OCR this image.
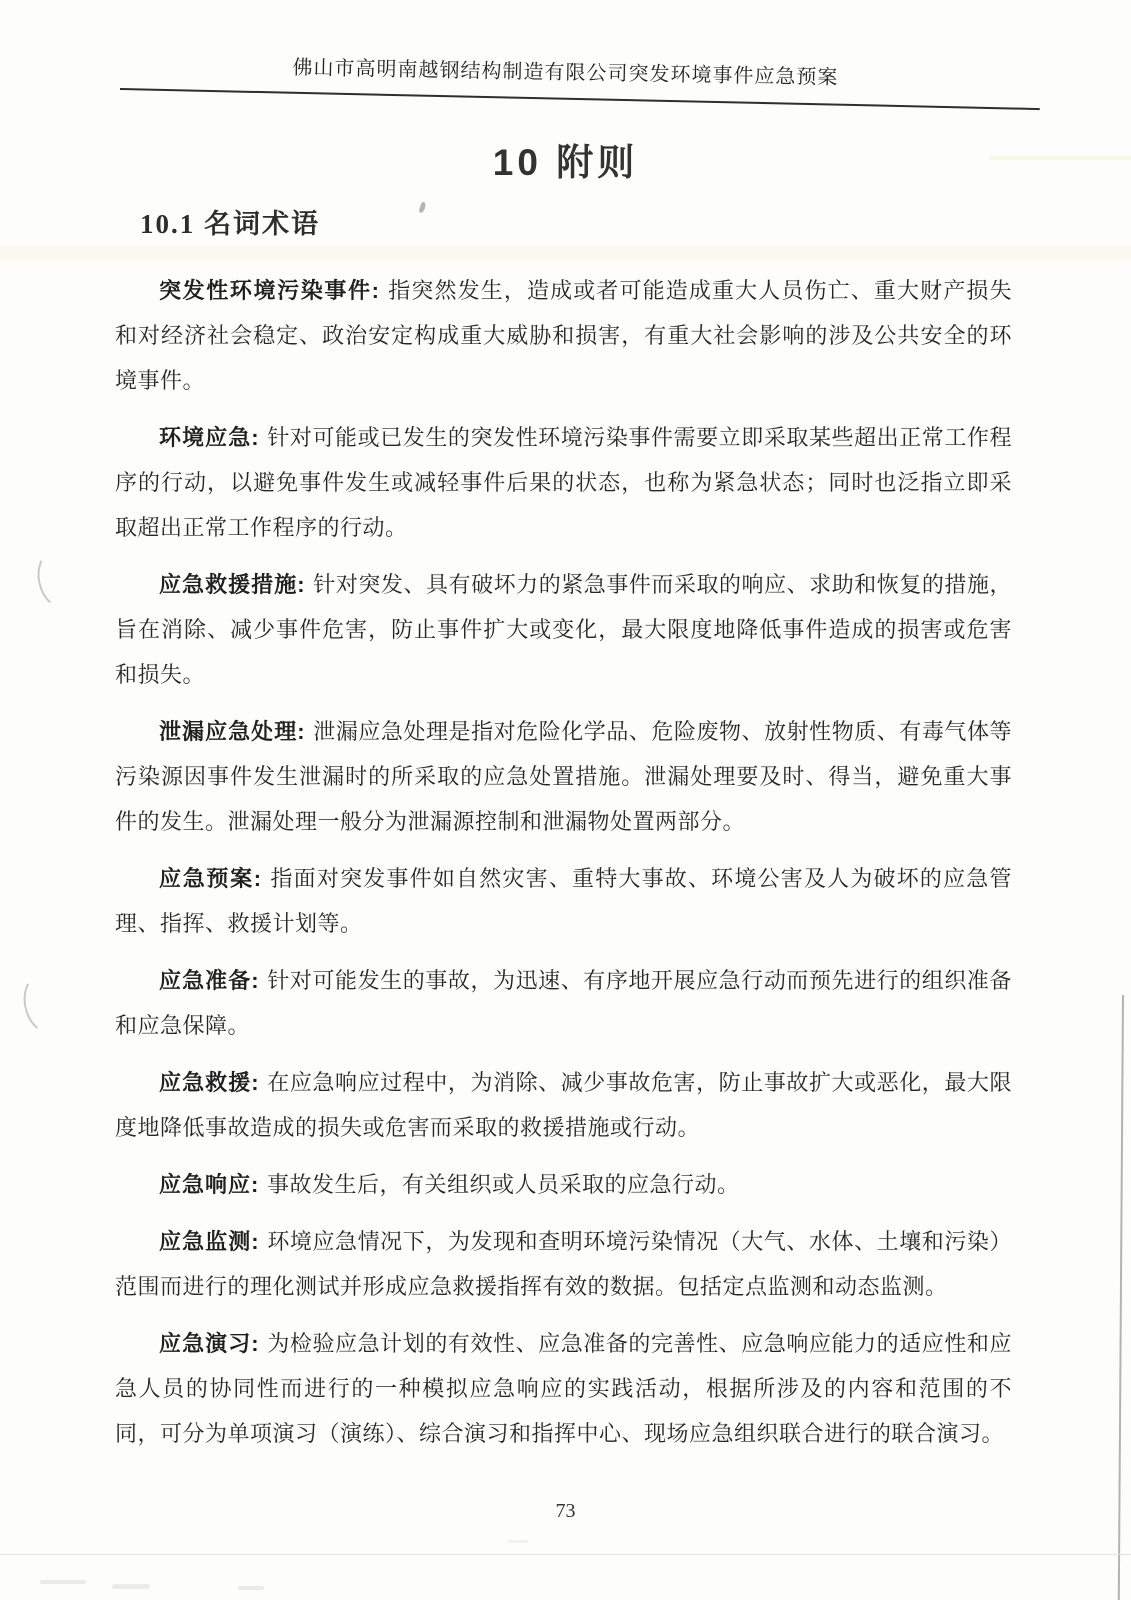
佛山市高明南越钢结构制造有限公司突发环境事件应急预案
10 附则
10.1 名词术语

突发性环境污染事件: 指突然发生，造成或者可能造成重大人员伤亡、重大财产损失和对经济社会稳定、政治安定构成重大威胁和损害，有重大社会影响的涉及公共安全的环境事件。

环境应急: 针对可能或已发生的突发性环境污染事件需要立即采取某些超出正常工作程序的行动，以避免事件发生或减轻事件后果的状态，也称为紧急状态；同时也泛指立即采取超出正常工作程序的行动。

应急救援措施: 针对突发、具有破坏力的紧急事件而采取的响应、求助和恢复的措施，旨在消除、减少事件危害，防止事件扩大或变化，最大限度地降低事件造成的损害或危害和损失。

泄漏应急处理: 泄漏应急处理是指对危险化学品、危险废物、放射性物质、有毒气体等污染源因事件发生泄漏时的所采取的应急处置措施。泄漏处理要及时、得当，避免重大事件的发生。泄漏处理一般分为泄漏源控制和泄漏物处置两部分。

应急预案: 指面对突发事件如自然灾害、重特大事故、环境公害及人为破坏的应急管理、指挥、救援计划等。

应急准备: 针对可能发生的事故，为迅速、有序地开展应急行动而预先进行的组织准备和应急保障。

应急救援: 在应急响应过程中，为消除、减少事故危害，防止事故扩大或恶化，最大限度地降低事故造成的损失或危害而采取的救援措施或行动。

应急响应: 事故发生后，有关组织或人员采取的应急行动。

应急监测: 环境应急情况下，为发现和查明环境污染情况（大气、水体、土壤和污染）范围而进行的理化测试并形成应急救援指挥有效的数据。包括定点监测和动态监测。

应急演习: 为检验应急计划的有效性、应急准备的完善性、应急响应能力的适应性和应急人员的协同性而进行的一种模拟应急响应的实践活动，根据所涉及的内容和范围的不同，可分为单项演习（演练）、综合演习和指挥中心、现场应急组织联合进行的联合演习。

73
